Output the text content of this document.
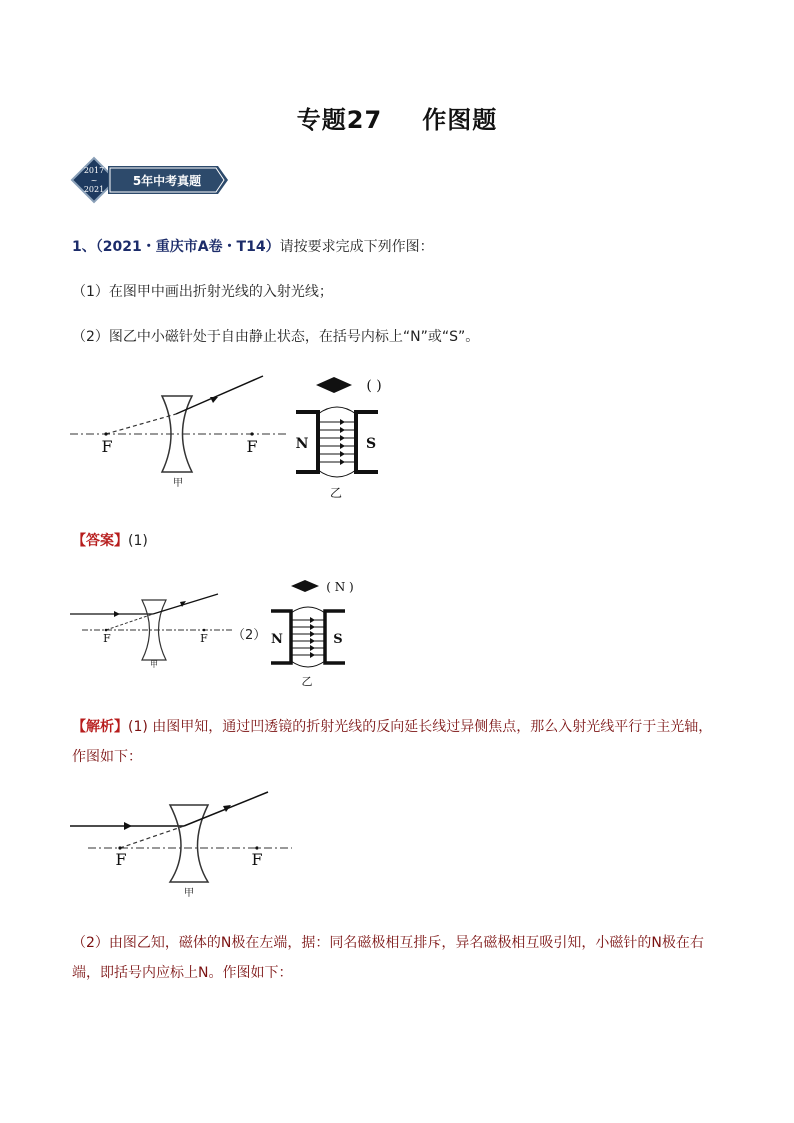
专题27 作图题
2017
~
2021
5年中考真题
1、（2021・重庆市A卷・T14）请按要求完成下列作图：
（1）在图甲中画出折射光线的入射光线；
（2）图乙中小磁针处于自由静止状态，在括号内标上“N”或“S”。
F	F
甲
( )
N	S
乙
【答案】(1)
F	F
甲
（2）
( N )
N	S
乙
【解析】(1) 由图甲知，通过凹透镜的折射光线的反向延长线过异侧焦点，那么入射光线平行于主光轴，
作图如下：
F	F
甲
（2）由图乙知，磁体的N极在左端，据：同名磁极相互排斥，异名磁极相互吸引知，小磁针的N极在右
端，即括号内应标上N。作图如下：
